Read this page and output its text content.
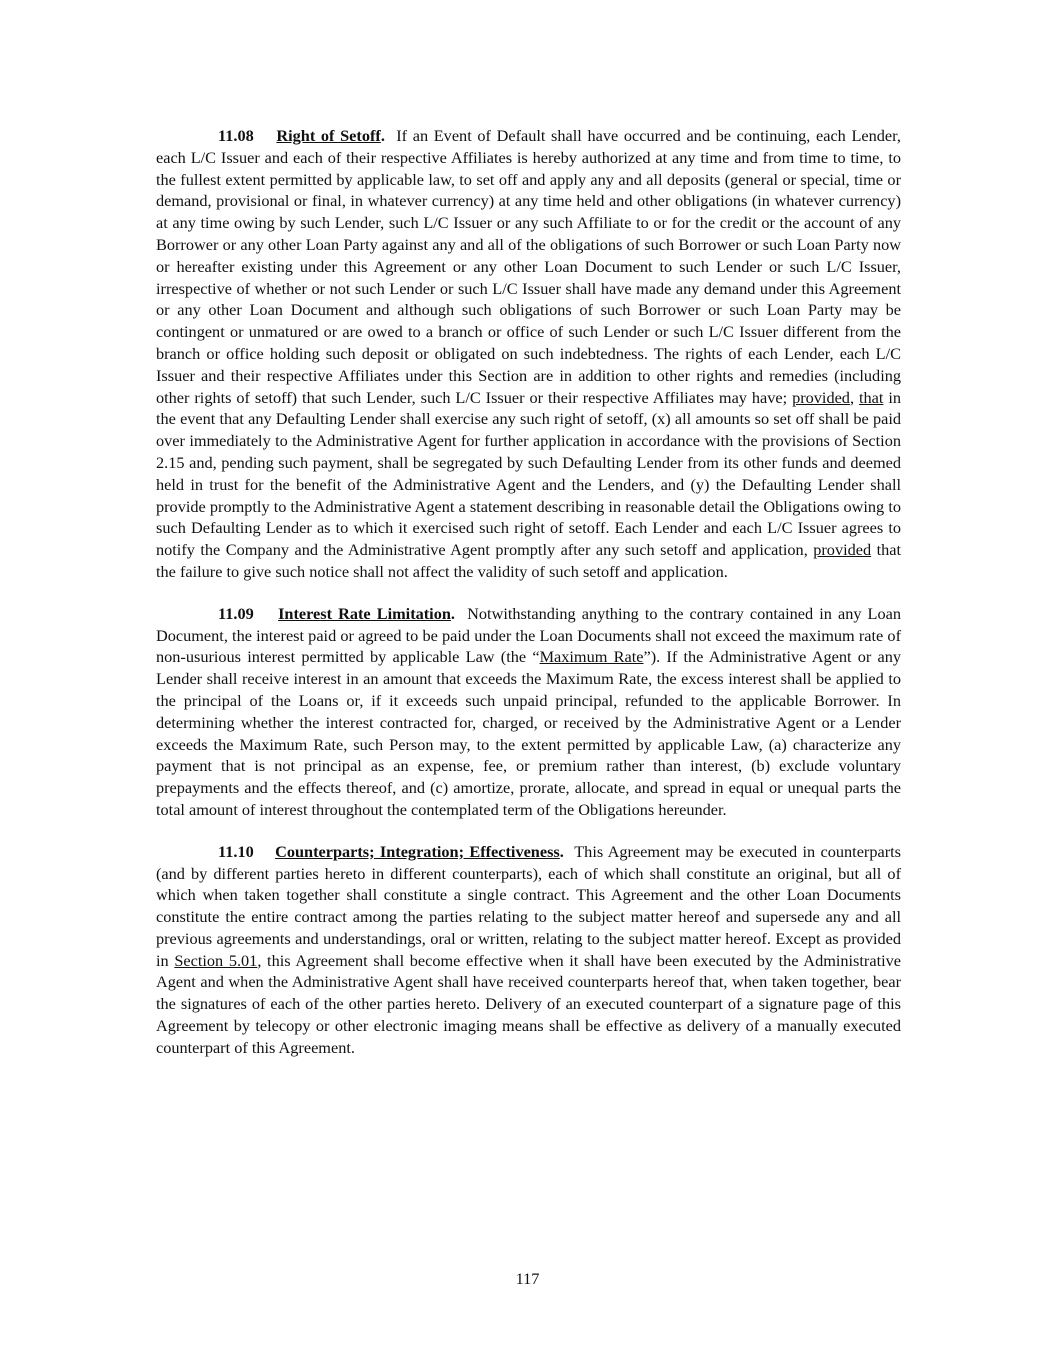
11.08 Right of Setoff. If an Event of Default shall have occurred and be continuing, each Lender, each L/C Issuer and each of their respective Affiliates is hereby authorized at any time and from time to time, to the fullest extent permitted by applicable law, to set off and apply any and all deposits (general or special, time or demand, provisional or final, in whatever currency) at any time held and other obligations (in whatever currency) at any time owing by such Lender, such L/C Issuer or any such Affiliate to or for the credit or the account of any Borrower or any other Loan Party against any and all of the obligations of such Borrower or such Loan Party now or hereafter existing under this Agreement or any other Loan Document to such Lender or such L/C Issuer, irrespective of whether or not such Lender or such L/C Issuer shall have made any demand under this Agreement or any other Loan Document and although such obligations of such Borrower or such Loan Party may be contingent or unmatured or are owed to a branch or office of such Lender or such L/C Issuer different from the branch or office holding such deposit or obligated on such indebtedness. The rights of each Lender, each L/C Issuer and their respective Affiliates under this Section are in addition to other rights and remedies (including other rights of setoff) that such Lender, such L/C Issuer or their respective Affiliates may have; provided, that in the event that any Defaulting Lender shall exercise any such right of setoff, (x) all amounts so set off shall be paid over immediately to the Administrative Agent for further application in accordance with the provisions of Section 2.15 and, pending such payment, shall be segregated by such Defaulting Lender from its other funds and deemed held in trust for the benefit of the Administrative Agent and the Lenders, and (y) the Defaulting Lender shall provide promptly to the Administrative Agent a statement describing in reasonable detail the Obligations owing to such Defaulting Lender as to which it exercised such right of setoff. Each Lender and each L/C Issuer agrees to notify the Company and the Administrative Agent promptly after any such setoff and application, provided that the failure to give such notice shall not affect the validity of such setoff and application.

11.09 Interest Rate Limitation. Notwithstanding anything to the contrary contained in any Loan Document, the interest paid or agreed to be paid under the Loan Documents shall not exceed the maximum rate of non-usurious interest permitted by applicable Law (the “Maximum Rate”). If the Administrative Agent or any Lender shall receive interest in an amount that exceeds the Maximum Rate, the excess interest shall be applied to the principal of the Loans or, if it exceeds such unpaid principal, refunded to the applicable Borrower. In determining whether the interest contracted for, charged, or received by the Administrative Agent or a Lender exceeds the Maximum Rate, such Person may, to the extent permitted by applicable Law, (a) characterize any payment that is not principal as an expense, fee, or premium rather than interest, (b) exclude voluntary prepayments and the effects thereof, and (c) amortize, prorate, allocate, and spread in equal or unequal parts the total amount of interest throughout the contemplated term of the Obligations hereunder.

11.10 Counterparts; Integration; Effectiveness. This Agreement may be executed in counterparts (and by different parties hereto in different counterparts), each of which shall constitute an original, but all of which when taken together shall constitute a single contract. This Agreement and the other Loan Documents constitute the entire contract among the parties relating to the subject matter hereof and supersede any and all previous agreements and understandings, oral or written, relating to the subject matter hereof. Except as provided in Section 5.01, this Agreement shall become effective when it shall have been executed by the Administrative Agent and when the Administrative Agent shall have received counterparts hereof that, when taken together, bear the signatures of each of the other parties hereto. Delivery of an executed counterpart of a signature page of this Agreement by telecopy or other electronic imaging means shall be effective as delivery of a manually executed counterpart of this Agreement.

117
